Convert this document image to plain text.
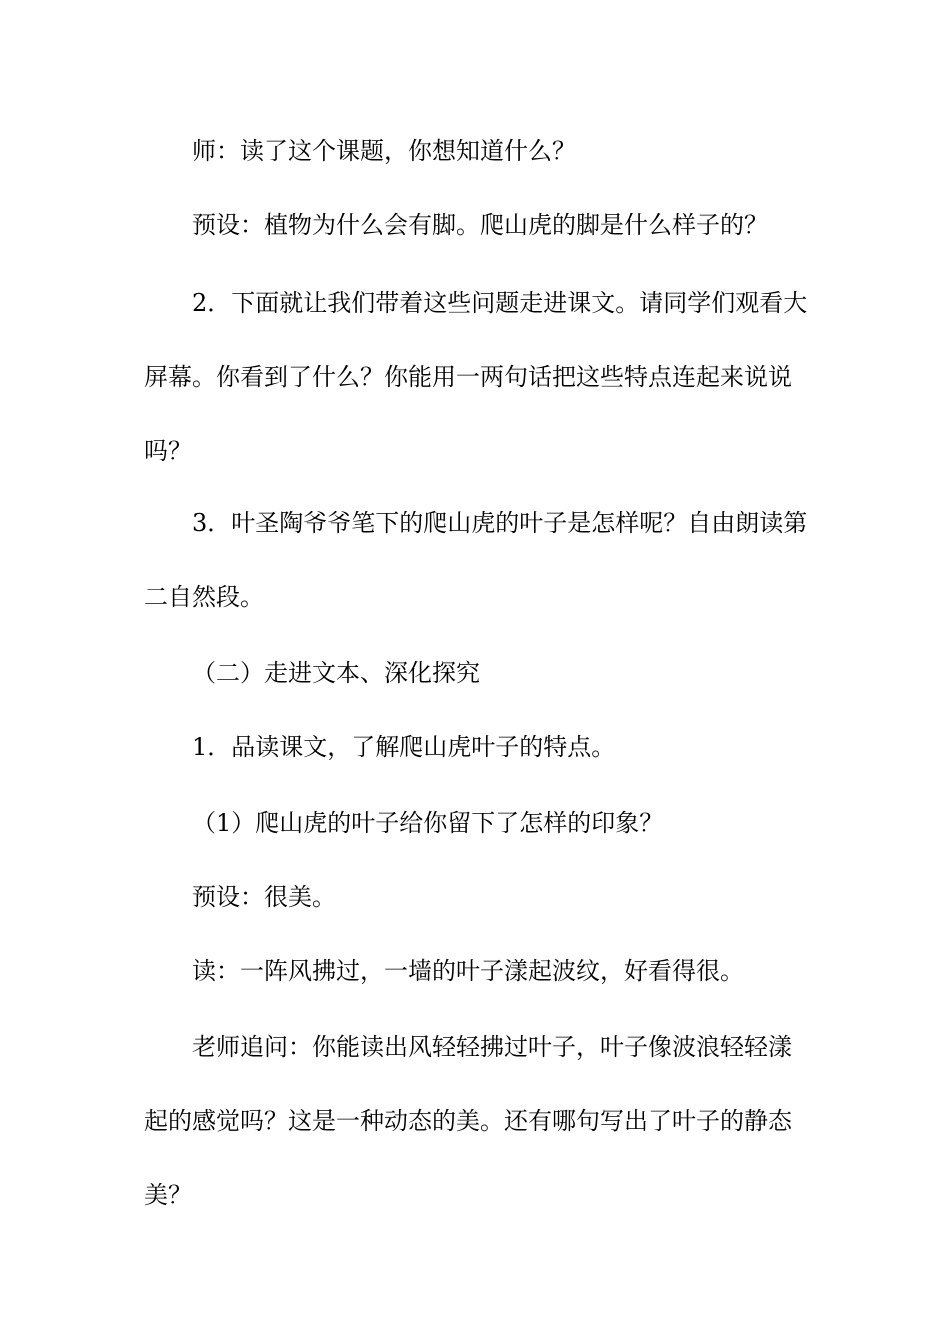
师：读了这个课题，你想知道什么？

预设：植物为什么会有脚。爬山虎的脚是什么样子的？

2．下面就让我们带着这些问题走进课文。请同学们观看大屏幕。你看到了什么？你能用一两句话把这些特点连起来说说吗？

3．叶圣陶爷爷笔下的爬山虎的叶子是怎样呢？自由朗读第二自然段。

（二）走进文本、深化探究

1．品读课文，了解爬山虎叶子的特点。

（1）爬山虎的叶子给你留下了怎样的印象？

预设：很美。

读：一阵风拂过，一墙的叶子漾起波纹，好看得很。

老师追问：你能读出风轻轻拂过叶子，叶子像波浪轻轻漾起的感觉吗？这是一种动态的美。还有哪句写出了叶子的静态美？
